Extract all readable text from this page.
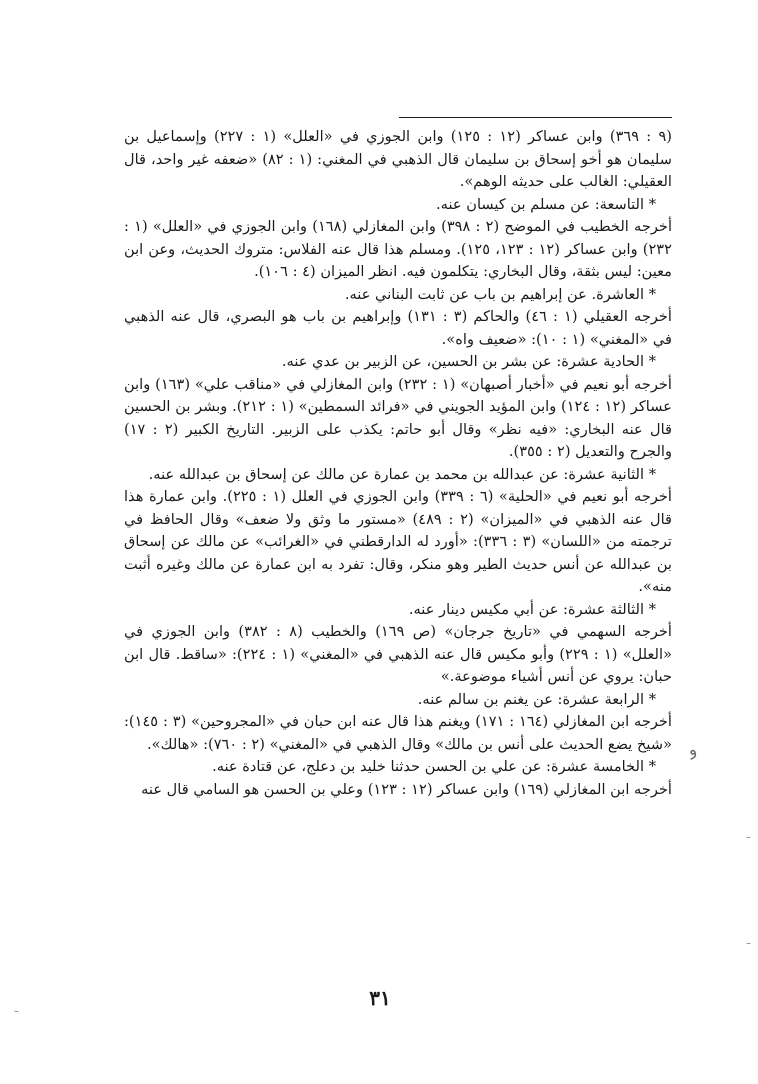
(٩ : ٣٦٩) وابن عساكر (١٢ : ١٢٥) وابن الجوزي في «العلل» (١ : ٢٢٧) وإسماعيل بن سليمان هو أخو إسحاق بن سليمان قال الذهبي في المغني: (١ : ٨٢) «ضعفه غير واحد، قال العقيلي: الغالب على حديثه الوهم».

* التاسعة: عن مسلم بن كيسان عنه.

أخرجه الخطيب في الموضح (٢ : ٣٩٨) وابن المغازلي (١٦٨) وابن الجوزي في «العلل» (١ : ٢٣٢) وابن عساكر (١٢ : ١٢٣، ١٢٥). ومسلم هذا قال عنه الفلاس: متروك الحديث، وعن ابن معين: ليس بثقة، وقال البخاري: يتكلمون فيه. انظر الميزان (٤ : ١٠٦).

* العاشرة. عن إبراهيم بن باب عن ثابت البناني عنه.

أخرجه العقيلي (١ : ٤٦) والحاكم (٣ : ١٣١) وإبراهيم بن باب هو البصري، قال عنه الذهبي في «المغني» (١ : ١٠): «ضعيف واه».

* الحادية عشرة: عن بشر بن الحسين، عن الزبير بن عدي عنه.

أخرجه أبو نعيم في «أخبار أصبهان» (١ : ٢٣٢) وابن المغازلي في «مناقب علي» (١٦٣) وابن عساكر (١٢ : ١٢٤) وابن المؤيد الجويني في «فرائد السمطين» (١ : ٢١٢). وبشر بن الحسين قال عنه البخاري: «فيه نظر» وقال أبو حاتم: يكذب على الزبير. التاريخ الكبير (٢ : ١٧) والجرح والتعديل (٢ : ٣٥٥).

* الثانية عشرة: عن عبدالله بن محمد بن عمارة عن مالك عن إسحاق بن عبدالله عنه.

أخرجه أبو نعيم في «الحلية» (٦ : ٣٣٩) وابن الجوزي في العلل (١ : ٢٢٥). وابن عمارة هذا قال عنه الذهبي في «الميزان» (٢ : ٤٨٩) «مستور ما وثق ولا ضعف» وقال الحافظ في ترجمته من «اللسان» (٣ : ٣٣٦): «أورد له الدارقطني في «الغرائب» عن مالك عن إسحاق بن عبدالله عن أنس حديث الطير وهو منكر، وقال: تفرد به ابن عمارة عن مالك وغيره أثبت منه».

* الثالثة عشرة: عن أبي مكيس دينار عنه.

أخرجه السهمي في «تاريخ جرجان» (ص ١٦٩) والخطيب (٨ : ٣٨٢) وابن الجوزي في «العلل» (١ : ٢٢٩) وأبو مكيس قال عنه الذهبي في «المغني» (١ : ٢٢٤): «ساقط. قال ابن حبان: يروي عن أنس أشياء موضوعة.»

* الرابعة عشرة: عن يغنم بن سالم عنه.

أخرجه ابن المغازلي (١٦٤ : ١٧١) ويغنم هذا قال عنه ابن حبان في «المجروحين» (٣ : ١٤٥): «شيخ يضع الحديث على أنس بن مالك» وقال الذهبي في «المغني» (٢ : ٧٦٠): «هالك».

* الخامسة عشرة: عن علي بن الحسن حدثنا خليد بن دعلج، عن قتادة عنه.

أخرجه ابن المغازلي (١٦٩) وابن عساكر (١٢ : ١٢٣) وعلي بن الحسن هو السامي قال عنه

٣١
ﻭ
–
–
–
